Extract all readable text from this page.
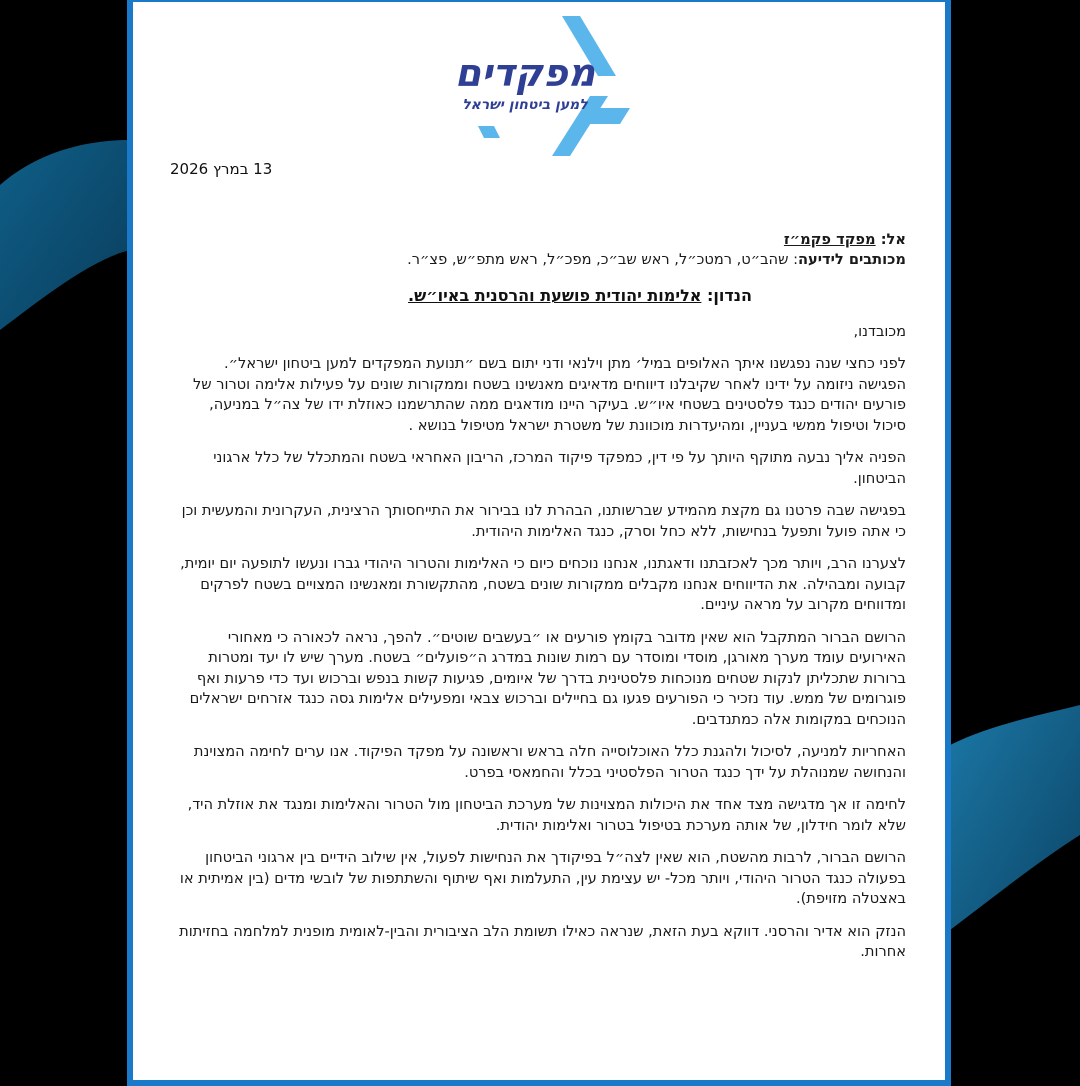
מפקדים
למען ביטחון ישראל
13 במרץ 2026
אל: מפקד פקמ״ז
מכותבים לידיעה: שהב״ט, רמטכ״ל, ראש שב״כ, מפכ״ל, ראש מתפ״ש, פצ״ר.
הנדון: אלימות יהודית פושעת והרסנית באיו״ש.
מכובדנו,

לפני כחצי שנה נפגשנו איתך האלופים במיל׳ מתן וילנאי ודני יתום בשם ״תנועת המפקדים למען ביטחון ישראל״. הפגישה ניזומה על ידינו לאחר שקיבלנו דיווחים מדאיגים מאנשינו בשטח וממקורות שונים על פעילות אלימה וטרור של פורעים יהודים כנגד פלסטינים בשטחי איו״ש. בעיקר היינו מודאגים ממה שהתרשמנו כאוזלת ידו של צה״ל במניעה, סיכול וטיפול ממשי בעניין, ומהיעדרות מוכוונת של משטרת ישראל מטיפול בנושא .

הפניה אליך נבעה מתוקף היותך על פי דין, כמפקד פיקוד המרכז, הריבון האחראי בשטח והמתכלל של כלל ארגוני הביטחון.

בפגישה שבה פרטנו גם מקצת מהמידע שברשותנו, הבהרת לנו בבירור את התייחסותך הרצינית, העקרונית והמעשית וכן כי אתה פועל ותפעל בנחישות, ללא כחל וסרק, כנגד האלימות היהודית.

לצערנו הרב, ויותר מכך לאכזבתנו ודאגתנו, אנחנו נוכחים כיום כי האלימות והטרור היהודי גברו ונעשו לתופעה יום יומית, קבועה ומבהילה. את הדיווחים אנחנו מקבלים ממקורות שונים בשטח, מהתקשורת ומאנשינו המצויים בשטח לפרקים ומדווחים מקרוב על מראה עיניים.

הרושם הברור המתקבל הוא שאין מדובר בקומץ פורעים או ״בעשבים שוטים״. להפך, נראה לכאורה כי מאחורי האירועים עומד מערך מאורגן, מוסדי ומוסדר עם רמות שונות במדרג ה״פועלים״ בשטח. מערך שיש לו יעד ומטרות ברורות שתכליתן לנקות שטחים מנוכחות פלסטינית בדרך של איומים, פגיעות קשות בנפש וברכוש ועד כדי פרעות ואף פוגרומים של ממש. עוד נזכיר כי הפורעים פגעו גם בחיילים וברכוש צבאי ומפעילים אלימות גסה כנגד אזרחים ישראלים הנוכחים במקומות אלה כמתנדבים.

האחריות למניעה, לסיכול ולהגנת כלל האוכלוסייה חלה בראש וראשונה על מפקד הפיקוד. אנו ערים לחימה המצוינת והנחושה שמנוהלת על ידך כנגד הטרור הפלסטיני בכלל והחמאסי בפרט.

לחימה זו אך מדגישה מצד אחד את היכולות המצוינות של מערכת הביטחון מול הטרור והאלימות ומנגד את אוזלת היד, שלא לומר חידלון, של אותה מערכת בטיפול בטרור ואלימות יהודית.

הרושם הברור, לרבות מהשטח, הוא שאין לצה״ל בפיקודך את הנחישות לפעול, אין שילוב הידיים בין ארגוני הביטחון בפעולה כנגד הטרור היהודי, ויותר מכל- יש עצימת עין, התעלמות ואף שיתוף והשתתפות של לובשי מדים (בין אמיתית או באצטלה מזויפת).

הנזק הוא אדיר והרסני. דווקא בעת הזאת, שנראה כאילו תשומת הלב הציבורית והבין-לאומית מופנית למלחמה בחזיתות אחרות.
